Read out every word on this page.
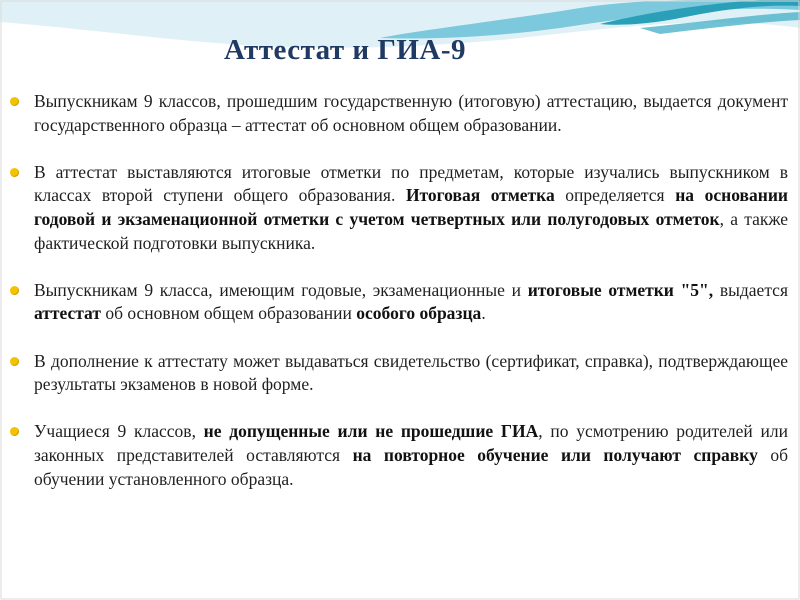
Аттестат и ГИА-9
Выпускникам 9 классов, прошедшим государственную (итоговую) аттестацию, выдается документ государственного образца – аттестат об основном общем образовании.
В аттестат выставляются итоговые отметки по предметам, которые изучались выпускником в классах второй ступени общего образования. Итоговая отметка определяется на основании годовой и экзаменационной отметки с учетом четвертных или полугодовых отметок, а также фактической подготовки выпускника.
Выпускникам 9 класса, имеющим годовые, экзаменационные и итоговые отметки "5", выдается аттестат об основном общем образовании особого образца.
В дополнение к аттестату может выдаваться свидетельство (сертификат, справка), подтверждающее результаты экзаменов в новой форме.
Учащиеся 9 классов, не допущенные или не прошедшие ГИА, по усмотрению родителей или законных представителей оставляются на повторное обучение или получают справку об обучении установленного образца.
